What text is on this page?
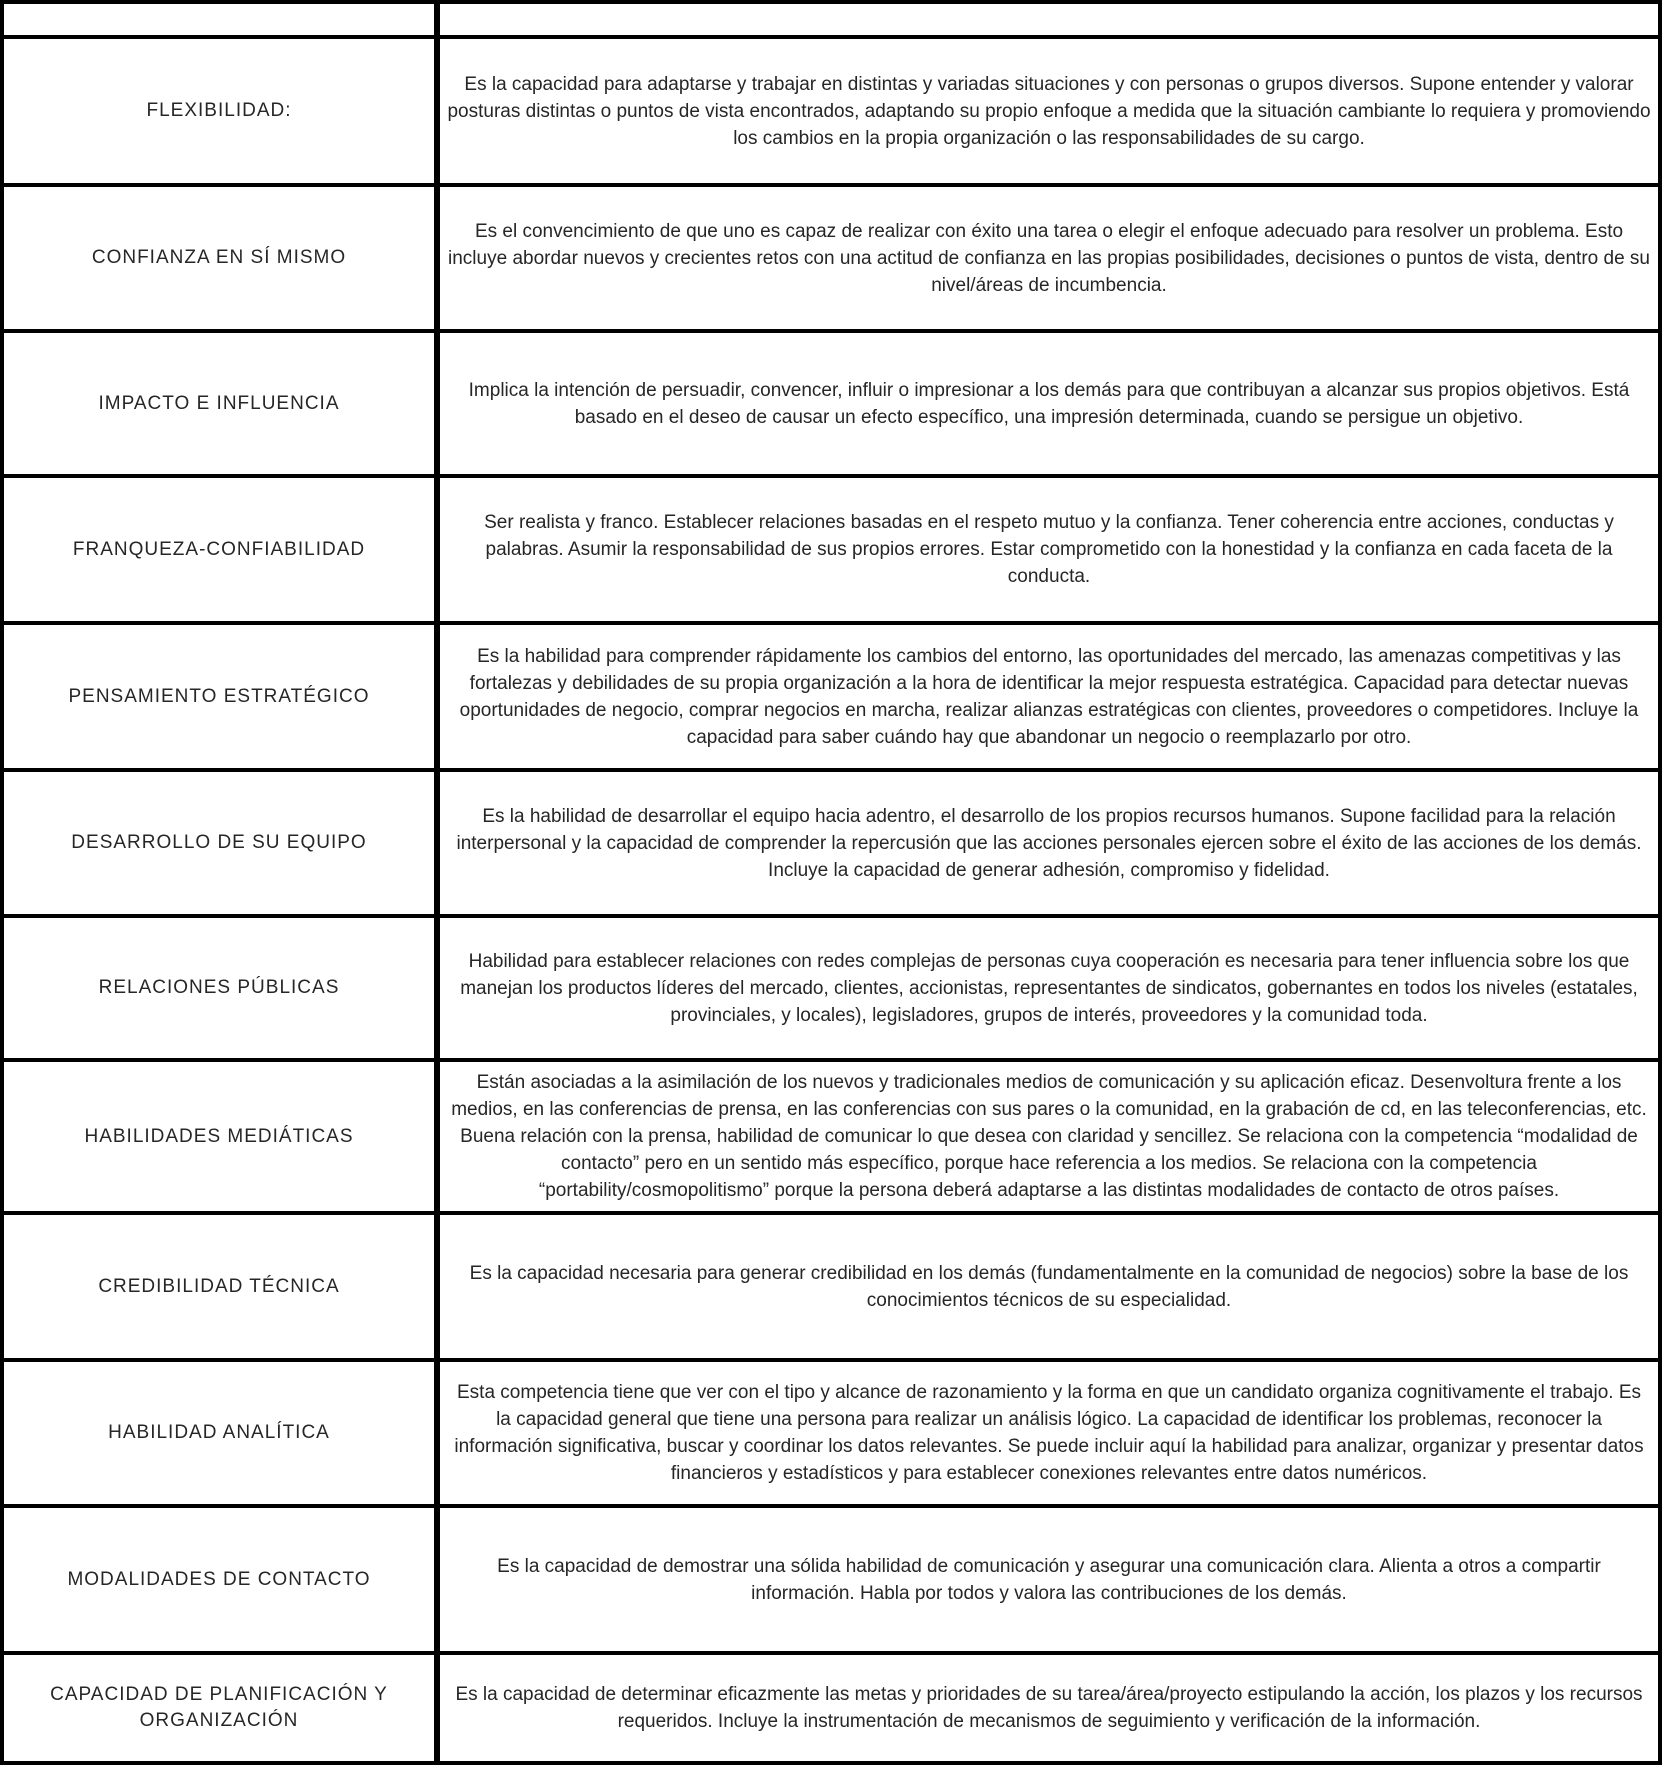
FLEXIBILIDAD:
Es la capacidad para adaptarse y trabajar en distintas y variadas situaciones y con personas o grupos diversos. Supone entender y valorar posturas distintas o puntos de vista encontrados, adaptando su propio enfoque a medida que la situación cambiante lo requiera y promoviendo los cambios en la propia organización o las responsabilidades de su cargo.
CONFIANZA EN SÍ MISMO
Es el convencimiento de que uno es capaz de realizar con éxito una tarea o elegir el enfoque adecuado para resolver un problema. Esto incluye abordar nuevos y crecientes retos con una actitud de confianza en las propias posibilidades, decisiones o puntos de vista, dentro de su nivel/áreas de incumbencia.
IMPACTO E INFLUENCIA
Implica la intención de persuadir, convencer, influir o impresionar a los demás para que contribuyan a alcanzar sus propios objetivos. Está basado en el deseo de causar un efecto específico, una impresión determinada, cuando se persigue un objetivo.
FRANQUEZA-CONFIABILIDAD
Ser realista y franco. Establecer relaciones basadas en el respeto mutuo y la confianza. Tener coherencia entre acciones, conductas y palabras. Asumir la responsabilidad de sus propios errores. Estar comprometido con la honestidad y la confianza en cada faceta de la conducta.
PENSAMIENTO ESTRATÉGICO
Es la habilidad para comprender rápidamente los cambios del entorno, las oportunidades del mercado, las amenazas competitivas y las fortalezas y debilidades de su propia organización a la hora de identificar la mejor respuesta estratégica. Capacidad para detectar nuevas oportunidades de negocio, comprar negocios en marcha, realizar alianzas estratégicas con clientes, proveedores o competidores. Incluye la capacidad para saber cuándo hay que abandonar un negocio o reemplazarlo por otro.
DESARROLLO DE SU EQUIPO
Es la habilidad de desarrollar el equipo hacia adentro, el desarrollo de los propios recursos humanos. Supone facilidad para la relación interpersonal y la capacidad de comprender la repercusión que las acciones personales ejercen sobre el éxito de las acciones de los demás. Incluye la capacidad de generar adhesión, compromiso y fidelidad.
RELACIONES PÚBLICAS
Habilidad para establecer relaciones con redes complejas de personas cuya cooperación es necesaria para tener influencia sobre los que manejan los productos líderes del mercado, clientes, accionistas, representantes de sindicatos, gobernantes en todos los niveles (estatales, provinciales, y locales), legisladores, grupos de interés, proveedores y la comunidad toda.
HABILIDADES MEDIÁTICAS
Están asociadas a la asimilación de los nuevos y tradicionales medios de comunicación y su aplicación eficaz. Desenvoltura frente a los medios, en las conferencias de prensa, en las conferencias con sus pares o la comunidad, en la grabación de cd, en las teleconferencias, etc. Buena relación con la prensa, habilidad de comunicar lo que desea con claridad y sencillez. Se relaciona con la competencia “modalidad de contacto” pero en un sentido más específico, porque hace referencia a los medios. Se relaciona con la competencia “portability/cosmopolitismo” porque la persona deberá adaptarse a las distintas modalidades de contacto de otros países.
CREDIBILIDAD TÉCNICA
Es la capacidad necesaria para generar credibilidad en los demás (fundamentalmente en la comunidad de negocios) sobre la base de los conocimientos técnicos de su especialidad.
HABILIDAD ANALÍTICA
Esta competencia tiene que ver con el tipo y alcance de razonamiento y la forma en que un candidato organiza cognitivamente el trabajo. Es la capacidad general que tiene una persona para realizar un análisis lógico. La capacidad de identificar los problemas, reconocer la información significativa, buscar y coordinar los datos relevantes. Se puede incluir aquí la habilidad para analizar, organizar y presentar datos financieros y estadísticos y para establecer conexiones relevantes entre datos numéricos.
MODALIDADES DE CONTACTO
Es la capacidad de demostrar una sólida habilidad de comunicación y asegurar una comunicación clara. Alienta a otros a compartir información. Habla por todos y valora las contribuciones de los demás.
CAPACIDAD DE PLANIFICACIÓN Y ORGANIZACIÓN
Es la capacidad de determinar eficazmente las metas y prioridades de su tarea/área/proyecto estipulando la acción, los plazos y los recursos requeridos. Incluye la instrumentación de mecanismos de seguimiento y verificación de la información.
